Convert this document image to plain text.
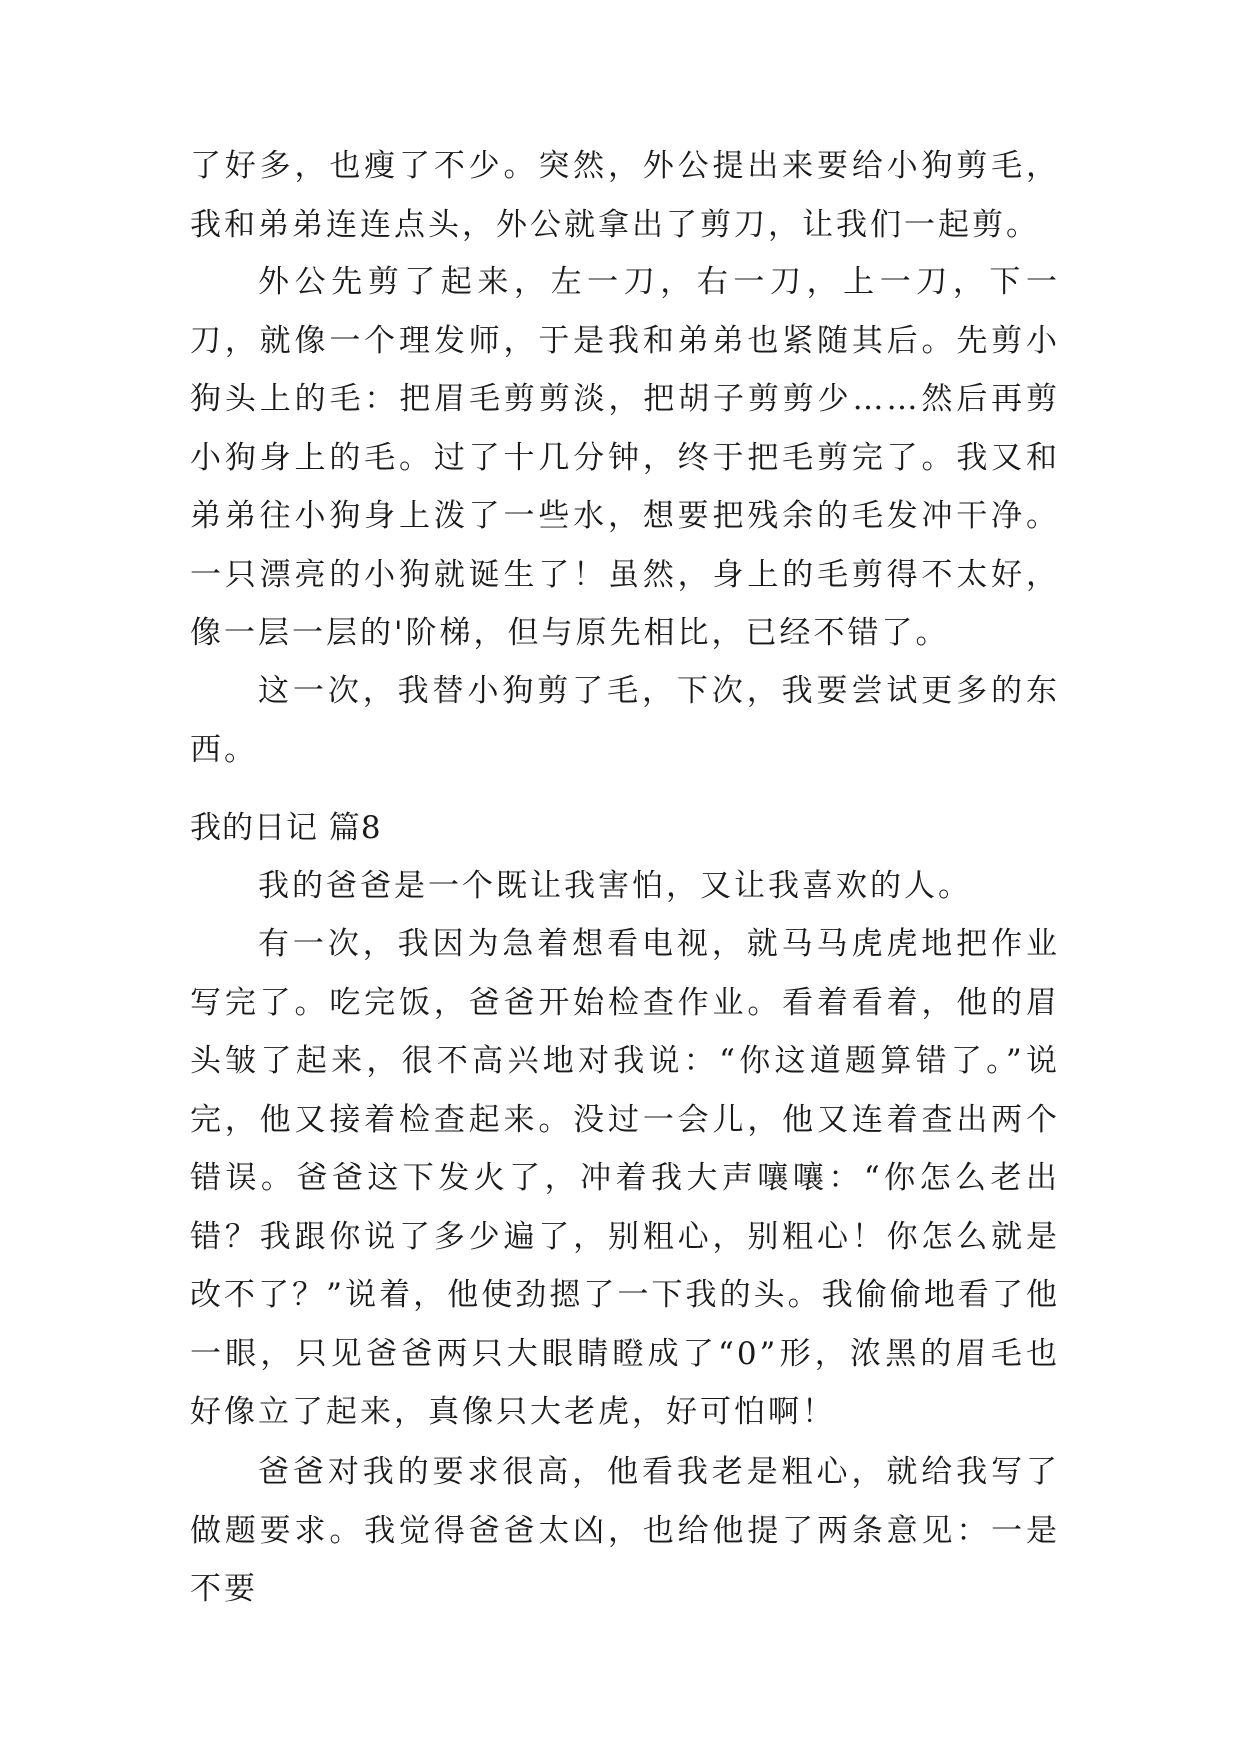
了好多，也瘦了不少。突然，外公提出来要给小狗剪毛，我和弟弟连连点头，外公就拿出了剪刀，让我们一起剪。

外公先剪了起来，左一刀，右一刀，上一刀，下一刀，就像一个理发师，于是我和弟弟也紧随其后。先剪小狗头上的毛：把眉毛剪剪淡，把胡子剪剪少……然后再剪小狗身上的毛。过了十几分钟，终于把毛剪完了。我又和弟弟往小狗身上泼了一些水，想要把残余的毛发冲干净。一只漂亮的小狗就诞生了！虽然，身上的毛剪得不太好，像一层一层的'阶梯，但与原先相比，已经不错了。

这一次，我替小狗剪了毛，下次，我要尝试更多的东西。

我的日记 篇8

我的爸爸是一个既让我害怕，又让我喜欢的人。

有一次，我因为急着想看电视，就马马虎虎地把作业写完了。吃完饭，爸爸开始检查作业。看着看着，他的眉头皱了起来，很不高兴地对我说：“你这道题算错了。”说完，他又接着检查起来。没过一会儿，他又连着查出两个错误。爸爸这下发火了，冲着我大声嚷嚷：“你怎么老出错？我跟你说了多少遍了，别粗心，别粗心！你怎么就是改不了？”说着，他使劲摁了一下我的头。我偷偷地看了他一眼，只见爸爸两只大眼睛瞪成了“0”形，浓黑的眉毛也好像立了起来，真像只大老虎，好可怕啊！

爸爸对我的要求很高，他看我老是粗心，就给我写了做题要求。我觉得爸爸太凶，也给他提了两条意见：一是不要
